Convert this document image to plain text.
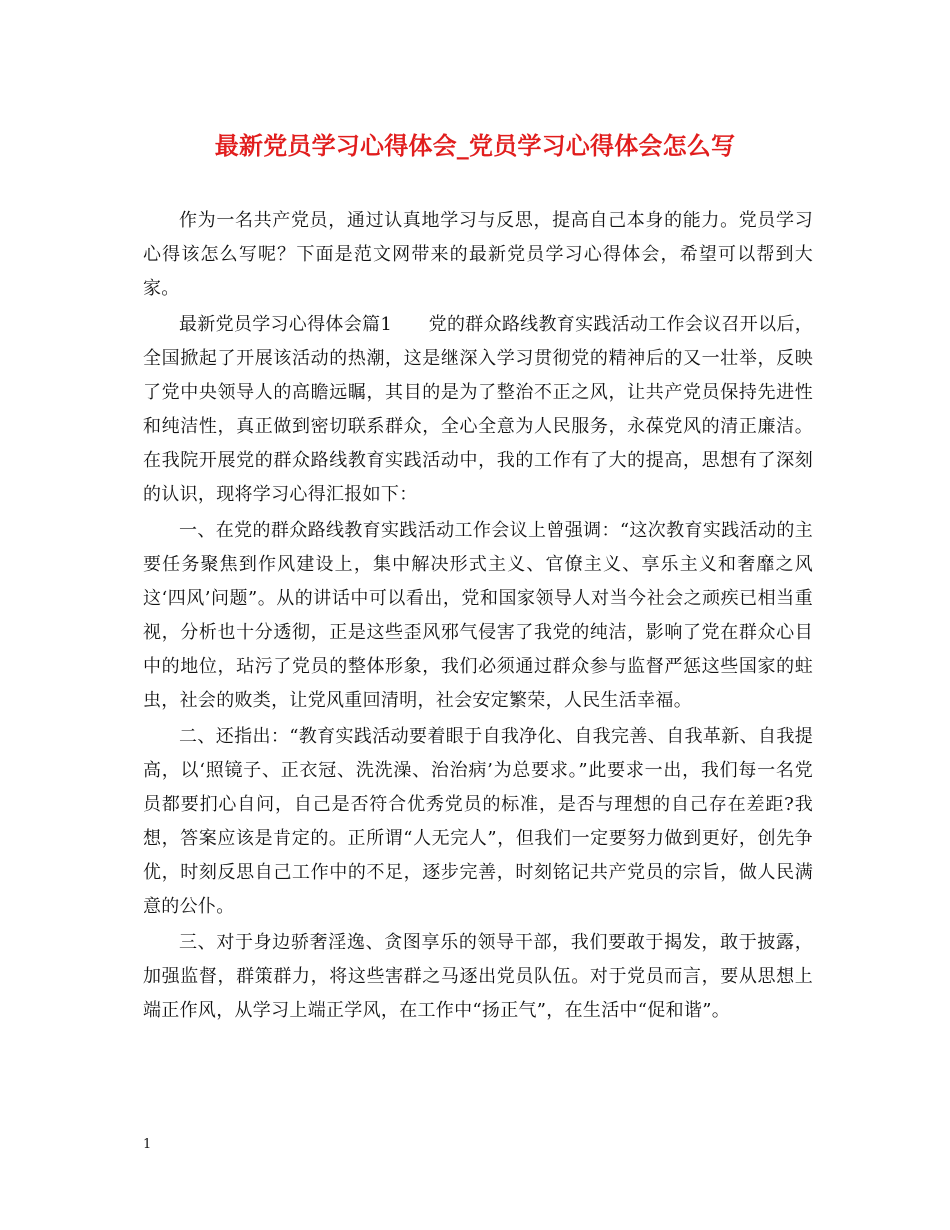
最新党员学习心得体会_党员学习心得体会怎么写

作为一名共产党员，通过认真地学习与反思，提高自己本身的能力。党员学习心得该怎么写呢？下面是范文网带来的最新党员学习心得体会，希望可以帮到大家。

最新党员学习心得体会篇1　　党的群众路线教育实践活动工作会议召开以后，全国掀起了开展该活动的热潮，这是继深入学习贯彻党的精神后的又一壮举，反映了党中央领导人的高瞻远瞩，其目的是为了整治不正之风，让共产党员保持先进性和纯洁性，真正做到密切联系群众，全心全意为人民服务，永葆党风的清正廉洁。在我院开展党的群众路线教育实践活动中，我的工作有了大的提高，思想有了深刻的认识，现将学习心得汇报如下：

一、在党的群众路线教育实践活动工作会议上曾强调：“这次教育实践活动的主要任务聚焦到作风建设上，集中解决形式主义、官僚主义、享乐主义和奢靡之风这‘四风’问题”。从的讲话中可以看出，党和国家领导人对当今社会之顽疾已相当重视，分析也十分透彻，正是这些歪风邪气侵害了我党的纯洁，影响了党在群众心目中的地位，玷污了党员的整体形象，我们必须通过群众参与监督严惩这些国家的蛀虫，社会的败类，让党风重回清明，社会安定繁荣，人民生活幸福。

二、还指出：“教育实践活动要着眼于自我净化、自我完善、自我革新、自我提高，以‘照镜子、正衣冠、洗洗澡、治治病’为总要求。”此要求一出，我们每一名党员都要扪心自问，自己是否符合优秀党员的标准，是否与理想的自己存在差距?我想，答案应该是肯定的。正所谓“人无完人”，但我们一定要努力做到更好，创先争优，时刻反思自己工作中的不足，逐步完善，时刻铭记共产党员的宗旨，做人民满意的公仆。

三、对于身边骄奢淫逸、贪图享乐的领导干部，我们要敢于揭发，敢于披露，加强监督，群策群力，将这些害群之马逐出党员队伍。对于党员而言，要从思想上端正作风，从学习上端正学风，在工作中“扬正气”，在生活中“促和谐”。

1
